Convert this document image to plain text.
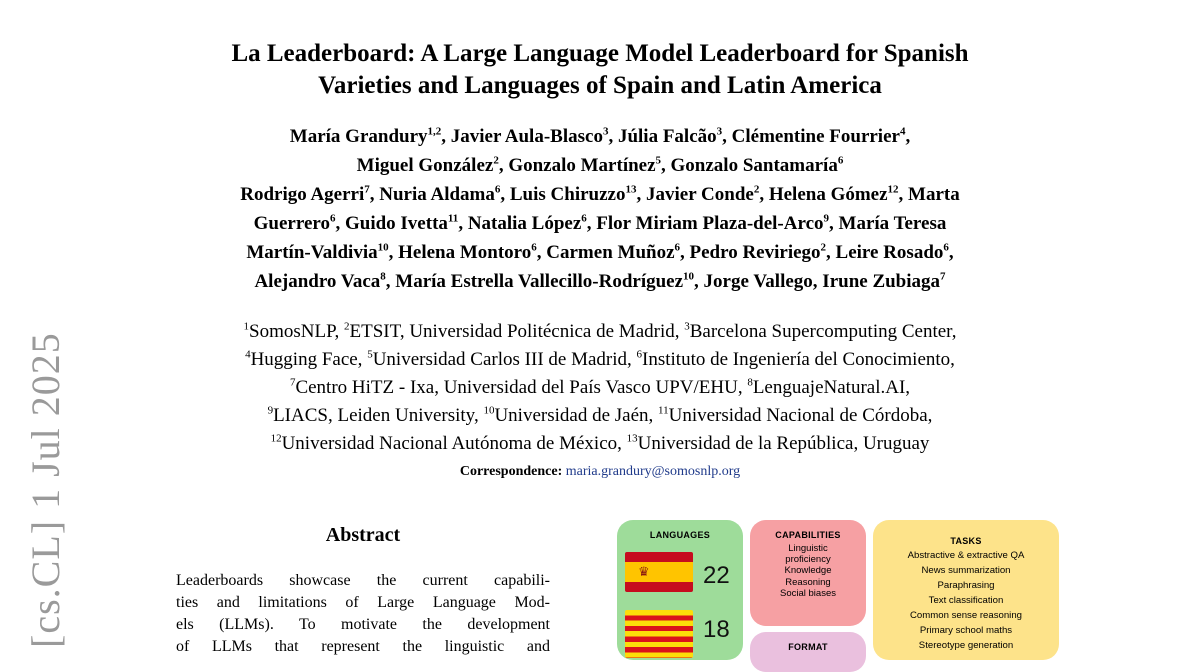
[cs.CL] 1 Jul 2025
La Leaderboard: A Large Language Model Leaderboard for Spanish
Varieties and Languages of Spain and Latin America
María Grandury$^{1,2}$, Javier Aula-Blasco$^3$, Júlia Falcão$^3$, Clémentine Fourrier$^4$,
Miguel González$^2$, Gonzalo Martínez$^5$, Gonzalo Santamaría$^6$
Rodrigo Agerri$^7$, Nuria Aldama$^6$, Luis Chiruzzo$^{13}$, Javier Conde$^2$, Helena Gómez$^{12}$, Marta
Guerrero$^6$, Guido Ivetta$^{11}$, Natalia López$^6$, Flor Miriam Plaza-del-Arco$^9$, María Teresa
Martín-Valdivia$^{10}$, Helena Montoro$^6$, Carmen Muñoz$^6$, Pedro Reviriego$^2$, Leire Rosado$^6$,
Alejandro Vaca$^8$, María Estrella Vallecillo-Rodríguez$^{10}$, Jorge Vallego, Irune Zubiaga$^7$
$^1$SomosNLP, $^2$ETSIT, Universidad Politécnica de Madrid, $^3$Barcelona Supercomputing Center,
$^4$Hugging Face, $^5$Universidad Carlos III de Madrid, $^6$Instituto de Ingeniería del Conocimiento,
$^7$Centro HiTZ - Ixa, Universidad del País Vasco UPV/EHU, $^8$LenguajeNatural.AI,
$^9$LIACS, Leiden University, $^{10}$Universidad de Jaén, $^{11}$Universidad Nacional de Córdoba,
$^{12}$Universidad Nacional Autónoma de México, $^{13}$Universidad de la República, Uruguay
Correspondence: maria.grandury@somosnlp.org
Abstract
Leaderboards showcase the current capabili-
ties and limitations of Large Language Mod-
els (LLMs). To motivate the development
of LLMs that represent the linguistic and
LANGUAGES
♛ 22
18
CAPABILITIES
Linguistic
proficiency
Knowledge
Reasoning
Social biases
FORMAT
TASKS
Abstractive & extractive QA
News summarization
Paraphrasing
Text classification
Common sense reasoning
Primary school maths
Stereotype generation
